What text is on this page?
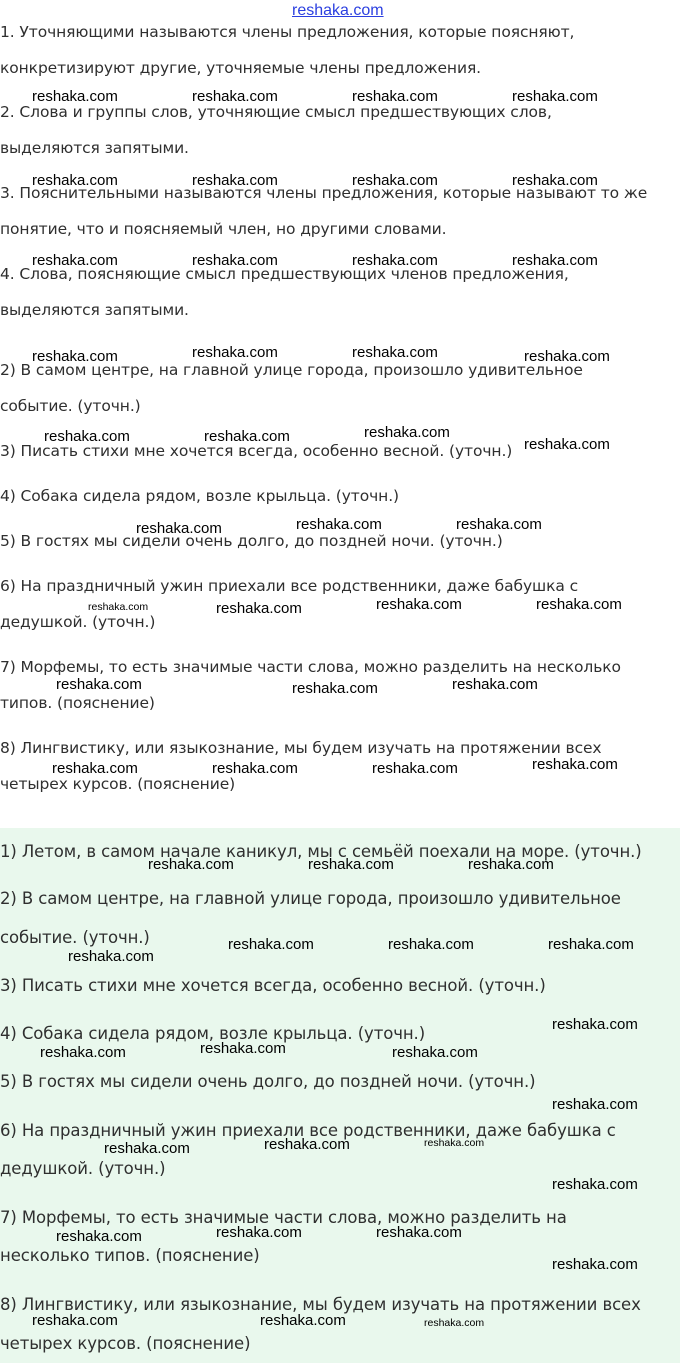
reshaka.com
1. Уточняющими называются члены предложения, которые поясняют,
конкретизируют другие, уточняемые члены предложения.
2. Слова и группы слов, уточняющие смысл предшествующих слов,
выделяются запятыми.
3. Пояснительными называются члены предложения, которые называют то же
понятие, что и поясняемый член, но другими словами.
4. Слова, поясняющие смысл предшествующих членов предложения,
выделяются запятыми.
2) В самом центре, на главной улице города, произошло удивительное
событие. (уточн.)
3) Писать стихи мне хочется всегда, особенно весной. (уточн.)
4) Собака сидела рядом, возле крыльца. (уточн.)
5) В гостях мы сидели очень долго, до поздней ночи. (уточн.)
6) На праздничный ужин приехали все родственники, даже бабушка с
дедушкой. (уточн.)
7) Морфемы, то есть значимые части слова, можно разделить на несколько
типов. (пояснение)
8) Лингвистику, или языкознание, мы будем изучать на протяжении всех
четырех курсов. (пояснение)
1) Летом, в самом начале каникул, мы с семьёй поехали на море. (уточн.)
2) В самом центре, на главной улице города, произошло удивительное
событие. (уточн.)
3) Писать стихи мне хочется всегда, особенно весной. (уточн.)
4) Собака сидела рядом, возле крыльца. (уточн.)
5) В гостях мы сидели очень долго, до поздней ночи. (уточн.)
6) На праздничный ужин приехали все родственники, даже бабушка с
дедушкой. (уточн.)
7) Морфемы, то есть значимые части слова, можно разделить на
несколько типов. (пояснение)
8) Лингвистику, или языкознание, мы будем изучать на протяжении всех
четырех курсов. (пояснение)
reshaka.com	reshaka.com	reshaka.com	reshaka.com
reshaka.com	reshaka.com	reshaka.com	reshaka.com
reshaka.com	reshaka.com	reshaka.com	reshaka.com
reshaka.com	reshaka.com	reshaka.com	reshaka.com
reshaka.com	reshaka.com	reshaka.com
reshaka.com
reshaka.com	reshaka.com	reshaka.com
reshaka.com	reshaka.com	reshaka.com	reshaka.com
reshaka.com	reshaka.com	reshaka.com
reshaka.com	reshaka.com	reshaka.com	reshaka.com
reshaka.com	reshaka.com	reshaka.com
reshaka.com	reshaka.com	reshaka.com
reshaka.com
reshaka.com
reshaka.com	reshaka.com	reshaka.com
reshaka.com
reshaka.com	reshaka.com	reshaka.com
reshaka.com
reshaka.com	reshaka.com	reshaka.com
reshaka.com
reshaka.com	reshaka.com	reshaka.com
